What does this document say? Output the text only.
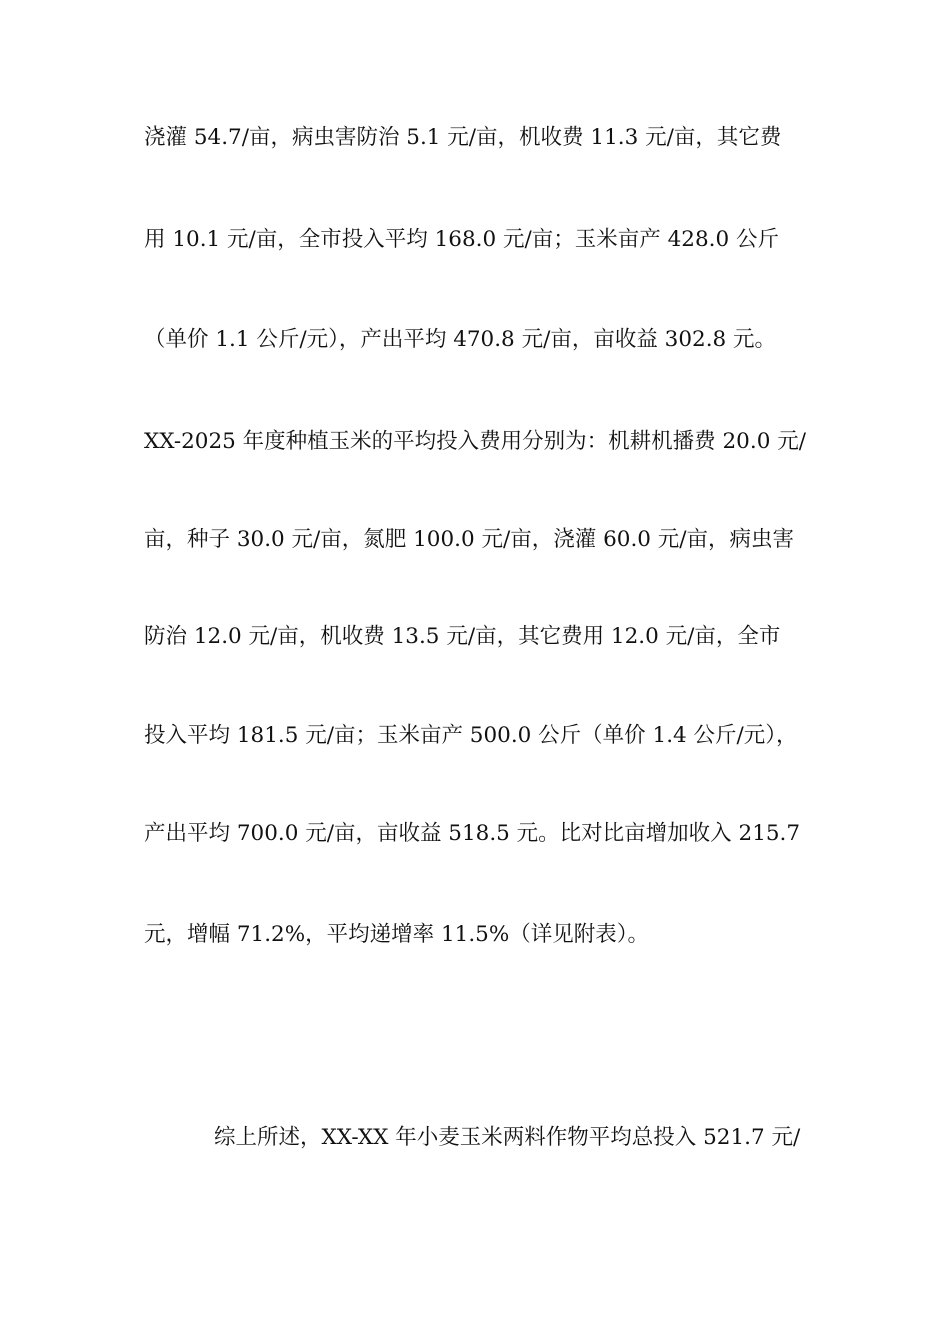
浇灌 54.7/亩，病虫害防治 5.1 元/亩，机收费 11.3 元/亩，其它费
用 10.1 元/亩，全市投入平均 168.0 元/亩；玉米亩产 428.0 公斤
（单价 1.1 公斤/元），产出平均 470.8 元/亩，亩收益 302.8 元。
XX-2025 年度种植玉米的平均投入费用分别为：机耕机播费 20.0 元/
亩，种子 30.0 元/亩，氮肥 100.0 元/亩，浇灌 60.0 元/亩，病虫害
防治 12.0 元/亩，机收费 13.5 元/亩，其它费用 12.0 元/亩，全市
投入平均 181.5 元/亩；玉米亩产 500.0 公斤（单价 1.4 公斤/元），
产出平均 700.0 元/亩，亩收益 518.5 元。比对比亩增加收入 215.7
元，增幅 71.2%，平均递增率 11.5%（详见附表）。
综上所述，XX-XX 年小麦玉米两料作物平均总投入 521.7 元/
